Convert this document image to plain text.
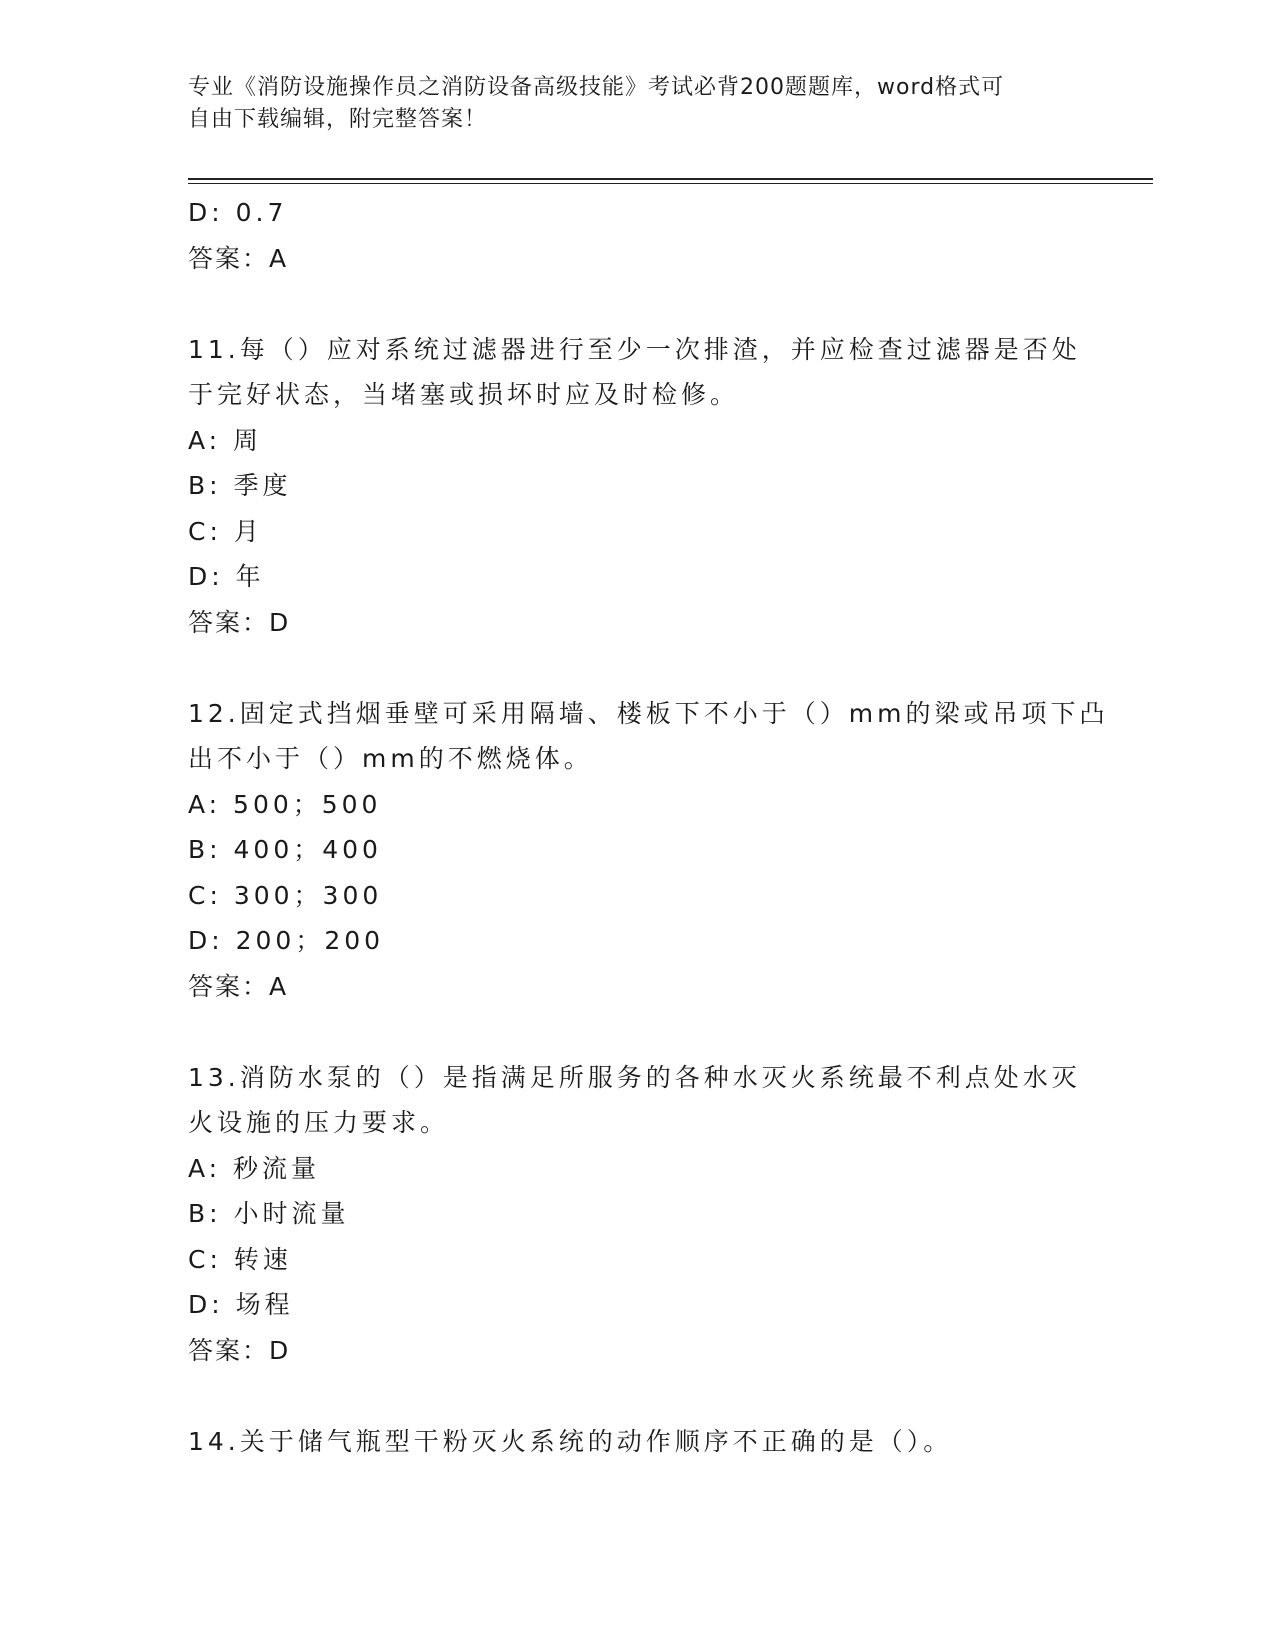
专业《消防设施操作员之消防设备高级技能》考试必背200题题库，word格式可
自由下载编辑，附完整答案！
D: 0.7
答案：A
11.每（）应对系统过滤器进行至少一次排渣，并应检查过滤器是否处
于完好状态，当堵塞或损坏时应及时检修。
A: 周
B: 季度
C: 月
D: 年
答案：D
12.固定式挡烟垂壁可采用隔墙、楼板下不小于（）mm的梁或吊项下凸
出不小于（）mm的不燃烧体。
A: 500；500
B: 400；400
C: 300；300
D: 200；200
答案：A
13.消防水泵的（）是指满足所服务的各种水灭火系统最不利点处水灭
火设施的压力要求。
A: 秒流量
B: 小时流量
C: 转速
D: 场程
答案：D
14.关于储气瓶型干粉灭火系统的动作顺序不正确的是（）。
